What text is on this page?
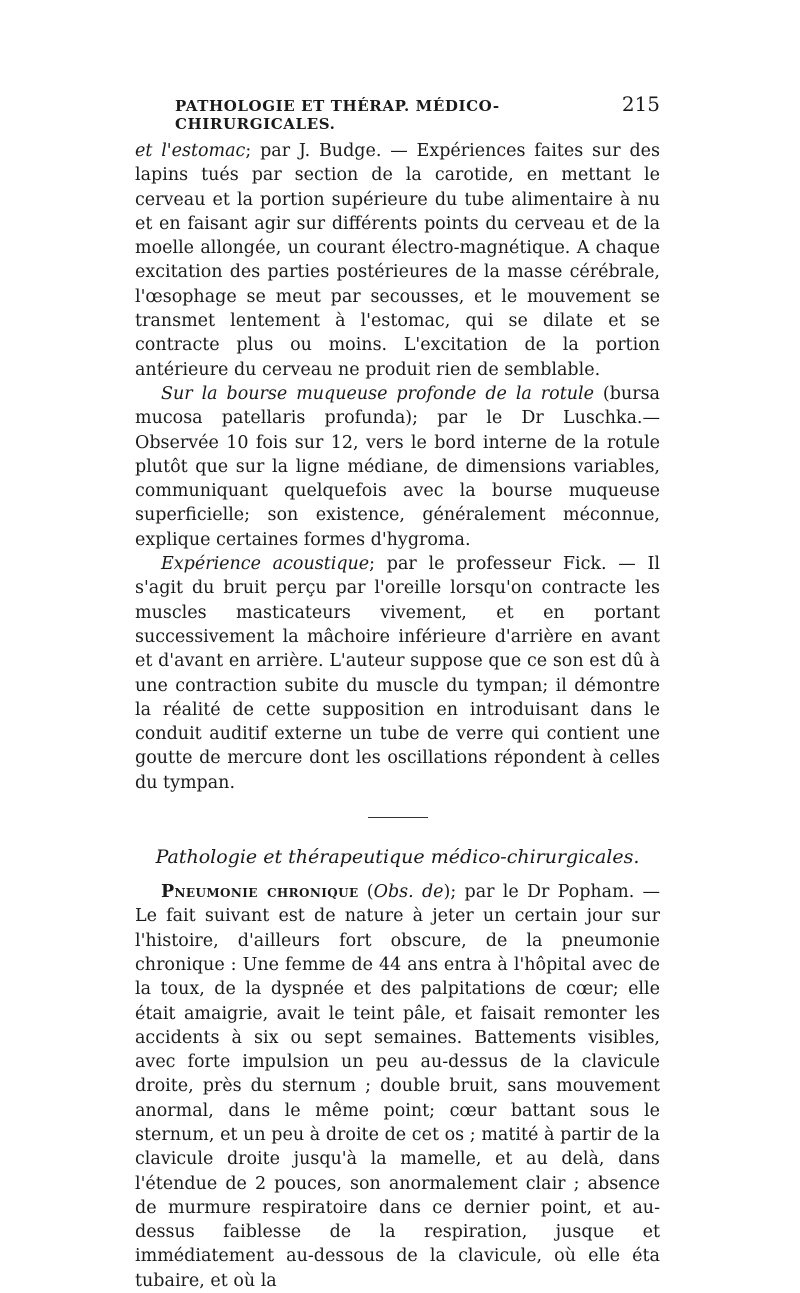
PATHOLOGIE ET THÉRAP. MÉDICO-CHIRURGICALES.
215

et l'estomac; par J. Budge. — Expériences faites sur des lapins tués par section de la carotide, en mettant le cerveau et la portion supérieure du tube alimentaire à nu et en faisant agir sur différents points du cerveau et de la moelle allongée, un courant électro-magnétique. A chaque excitation des parties postérieures de la masse cérébrale, l'œsophage se meut par secousses, et le mouvement se transmet lentement à l'estomac, qui se dilate et se contracte plus ou moins. L'excitation de la portion antérieure du cerveau ne produit rien de semblable.

Sur la bourse muqueuse profonde de la rotule (bursa mucosa patellaris profunda); par le Dr Luschka.— Observée 10 fois sur 12, vers le bord interne de la rotule plutôt que sur la ligne médiane, de dimensions variables, communiquant quelquefois avec la bourse muqueuse superficielle; son existence, généralement méconnue, explique certaines formes d'hygroma.

Expérience acoustique; par le professeur Fick. — Il s'agit du bruit perçu par l'oreille lorsqu'on contracte les muscles masticateurs vivement, et en portant successivement la mâchoire inférieure d'arrière en avant et d'avant en arrière. L'auteur suppose que ce son est dû à une contraction subite du muscle du tympan; il démontre la réalité de cette supposition en introduisant dans le conduit auditif externe un tube de verre qui contient une goutte de mercure dont les oscillations répondent à celles du tympan.

Pathologie et thérapeutique médico-chirurgicales.

Pneumonie chronique (Obs. de); par le Dr Popham. — Le fait suivant est de nature à jeter un certain jour sur l'histoire, d'ailleurs fort obscure, de la pneumonie chronique : Une femme de 44 ans entra à l'hôpital avec de la toux, de la dyspnée et des palpitations de cœur; elle était amaigrie, avait le teint pâle, et faisait remonter les accidents à six ou sept semaines. Battements visibles, avec forte impulsion un peu au-dessus de la clavicule droite, près du sternum ; double bruit, sans mouvement anormal, dans le même point; cœur battant sous le sternum, et un peu à droite de cet os ; matité à partir de la clavicule droite jusqu'à la mamelle, et au delà, dans l'étendue de 2 pouces, son anormalement clair ; absence de murmure respiratoire dans ce dernier point, et au-dessus faiblesse de la respiration, jusque et immédiatement au-dessous de la clavicule, où elle éta tubaire, et où la
